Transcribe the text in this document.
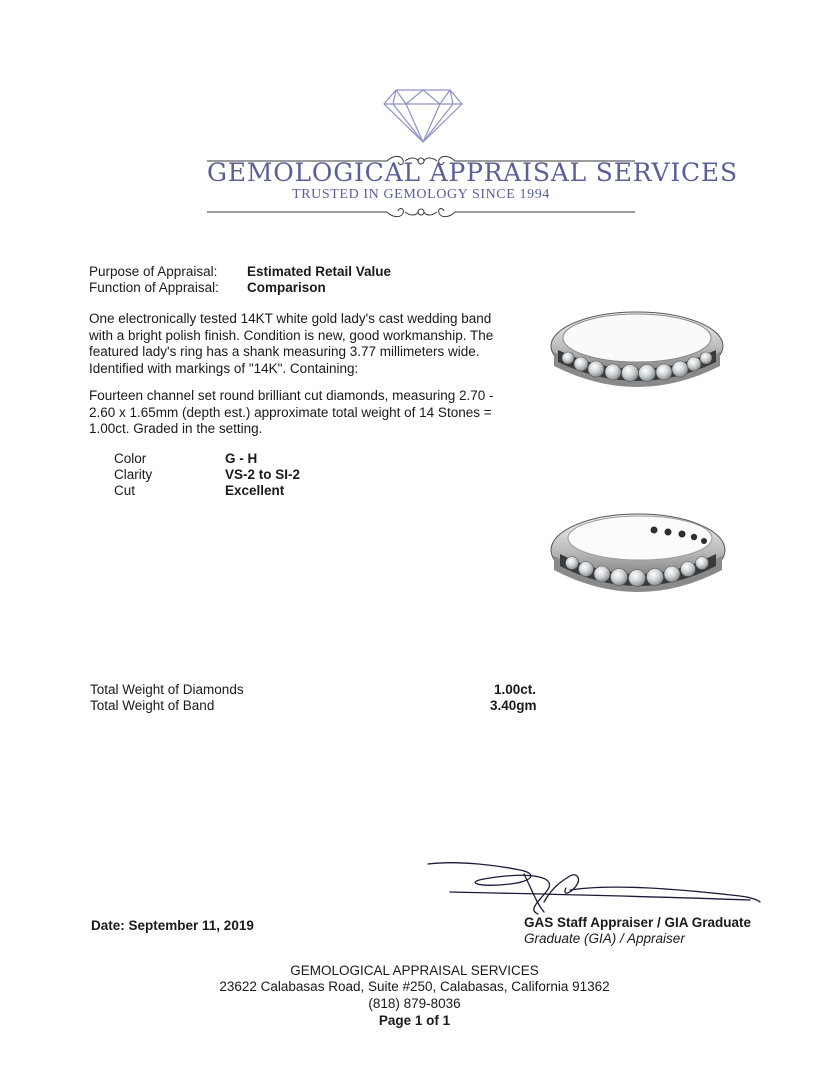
GEMOLOGICAL APPRAISAL SERVICES
TRUSTED IN GEMOLOGY SINCE 1994
Purpose of Appraisal: Estimated Retail Value
Function of Appraisal: Comparison
One electronically tested 14KT white gold lady's cast wedding band with a bright polish finish. Condition is new, good workmanship. The featured lady's ring has a shank measuring 3.77 millimeters wide. Identified with markings of "14K". Containing:
Fourteen channel set round brilliant cut diamonds, measuring 2.70 - 2.60 x 1.65mm (depth est.) approximate total weight of 14 Stones = 1.00ct. Graded in the setting.
Color	G - H
Clarity	VS-2 to SI-2
Cut	Excellent
Total Weight of Diamonds	1.00ct.
Total Weight of Band	3.40gm
Date: September 11, 2019	GAS Staff Appraiser / GIA Graduate
Graduate (GIA) / Appraiser
GEMOLOGICAL APPRAISAL SERVICES
23622 Calabasas Road, Suite #250, Calabasas, California 91362
(818) 879-8036
Page 1 of 1
